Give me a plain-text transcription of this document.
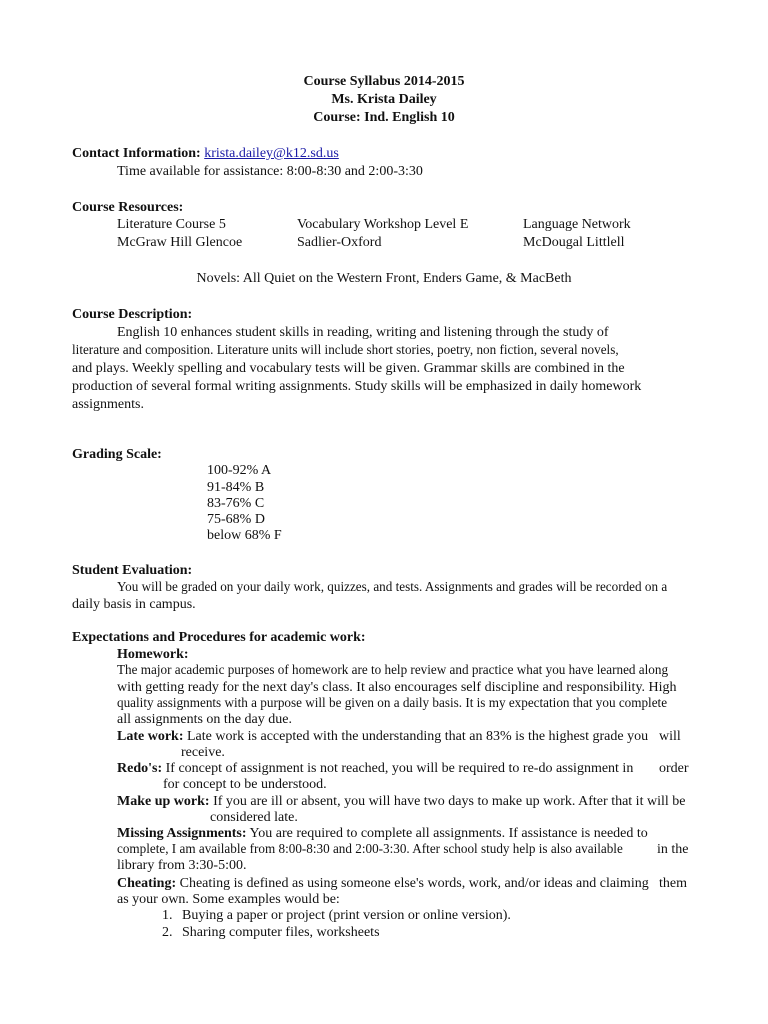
Course Syllabus 2014-2015
Ms. Krista Dailey
Course: Ind. English 10
Contact Information: krista.dailey@k12.sd.us
Time available for assistance: 8:00-8:30 and 2:00-3:30
Course Resources:
Literature Course 5	Vocabulary Workshop Level E	Language Network
McGraw Hill Glencoe	Sadlier-Oxford	McDougal Littlell
Novels: All Quiet on the Western Front, Enders Game, & MacBeth
Course Description:
English 10 enhances student skills in reading, writing and listening through the study of
literature and composition. Literature units will include short stories, poetry, non fiction, several novels,
and plays. Weekly spelling and vocabulary tests will be given. Grammar skills are combined in the
production of several formal writing assignments. Study skills will be emphasized in daily homework
assignments.
Grading Scale:
100-92% A
91-84% B
83-76% C
75-68% D
below 68% F
Student Evaluation:
You will be graded on your daily work, quizzes, and tests. Assignments and grades will be recorded on a
daily basis in campus.
Expectations and Procedures for academic work:
Homework:
The major academic purposes of homework are to help review and practice what you have learned along
with getting ready for the next day's class. It also encourages self discipline and responsibility. High
quality assignments with a purpose will be given on a daily basis. It is my expectation that you complete
all assignments on the day due.
Late work: Late work is accepted with the understanding that an 83% is the highest grade you will
receive.
Redo's: If concept of assignment is not reached, you will be required to re-do assignment in order
for concept to be understood.
Make up work: If you are ill or absent, you will have two days to make up work. After that it will be
considered late.
Missing Assignments: You are required to complete all assignments. If assistance is needed to
complete, I am available from 8:00-8:30 and 2:00-3:30. After school study help is also available	in the
library from 3:30-5:00.
Cheating: Cheating is defined as using someone else's words, work, and/or ideas and claiming them
as your own. Some examples would be:
1. Buying a paper or project (print version or online version).
2. Sharing computer files, worksheets
